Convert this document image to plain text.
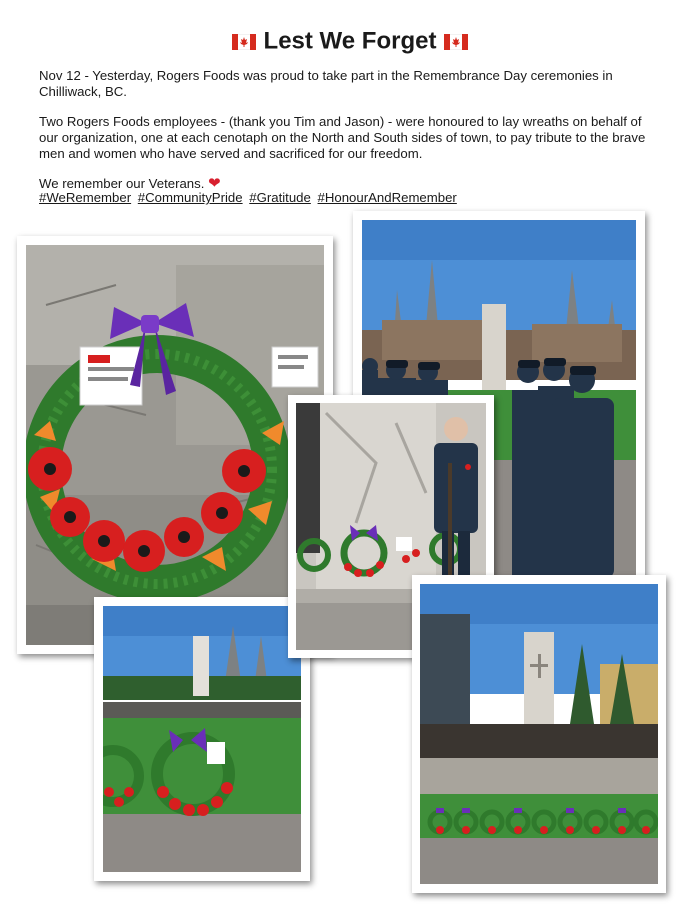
Lest We Forget

Nov 12 - Yesterday, Rogers Foods was proud to take part in the Remembrance Day ceremonies in Chilliwack, BC.

Two Rogers Foods employees - (thank you Tim and Jason) - were honoured to lay wreaths on behalf of our organization, one at each cenotaph on the North and South sides of town, to pay tribute to the brave men and women who have served and sacrificed for our freedom.

We remember our Veterans. ❤

#WeRemember #CommunityPride #Gratitude #HonourAndRemember
